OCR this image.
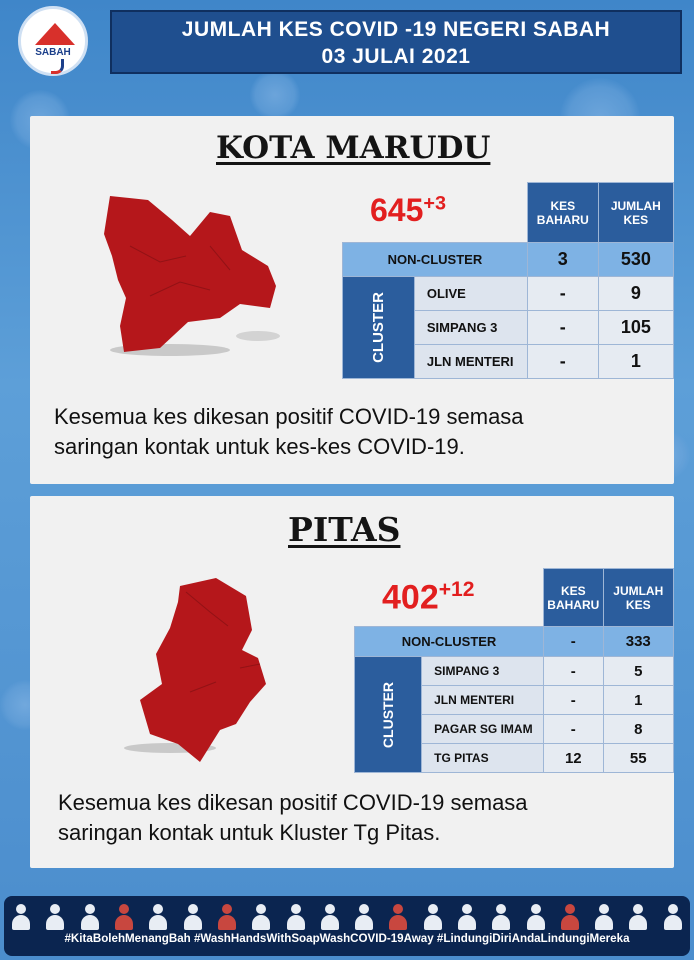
SABAH
JUMLAH KES COVID -19 NEGERI SABAH
03 JULAI 2021
KOTA MARUDU
$645^{+3}$
			KES BAHARU	JUMLAH KES
NON-CLUSTER		3	530
CLUSTER	OLIVE	-	9
	SIMPANG 3	-	105
	JLN MENTERI	-	1
Kesemua kes dikesan positif COVID-19 semasa
saringan kontak untuk kes-kes COVID-19.
PITAS
$402^{+12}$
			KES BAHARU	JUMLAH KES
NON-CLUSTER		-	333
CLUSTER	SIMPANG 3	-	5
	JLN MENTERI	-	1
	PAGAR SG IMAM	-	8
	TG PITAS	12	55
Kesemua kes dikesan positif COVID-19 semasa
saringan kontak untuk Kluster Tg Pitas.
#KitaBolehMenangBah #WashHandsWithSoapWashCOVID-19Away #LindungiDiriAndaLindungiMereka
